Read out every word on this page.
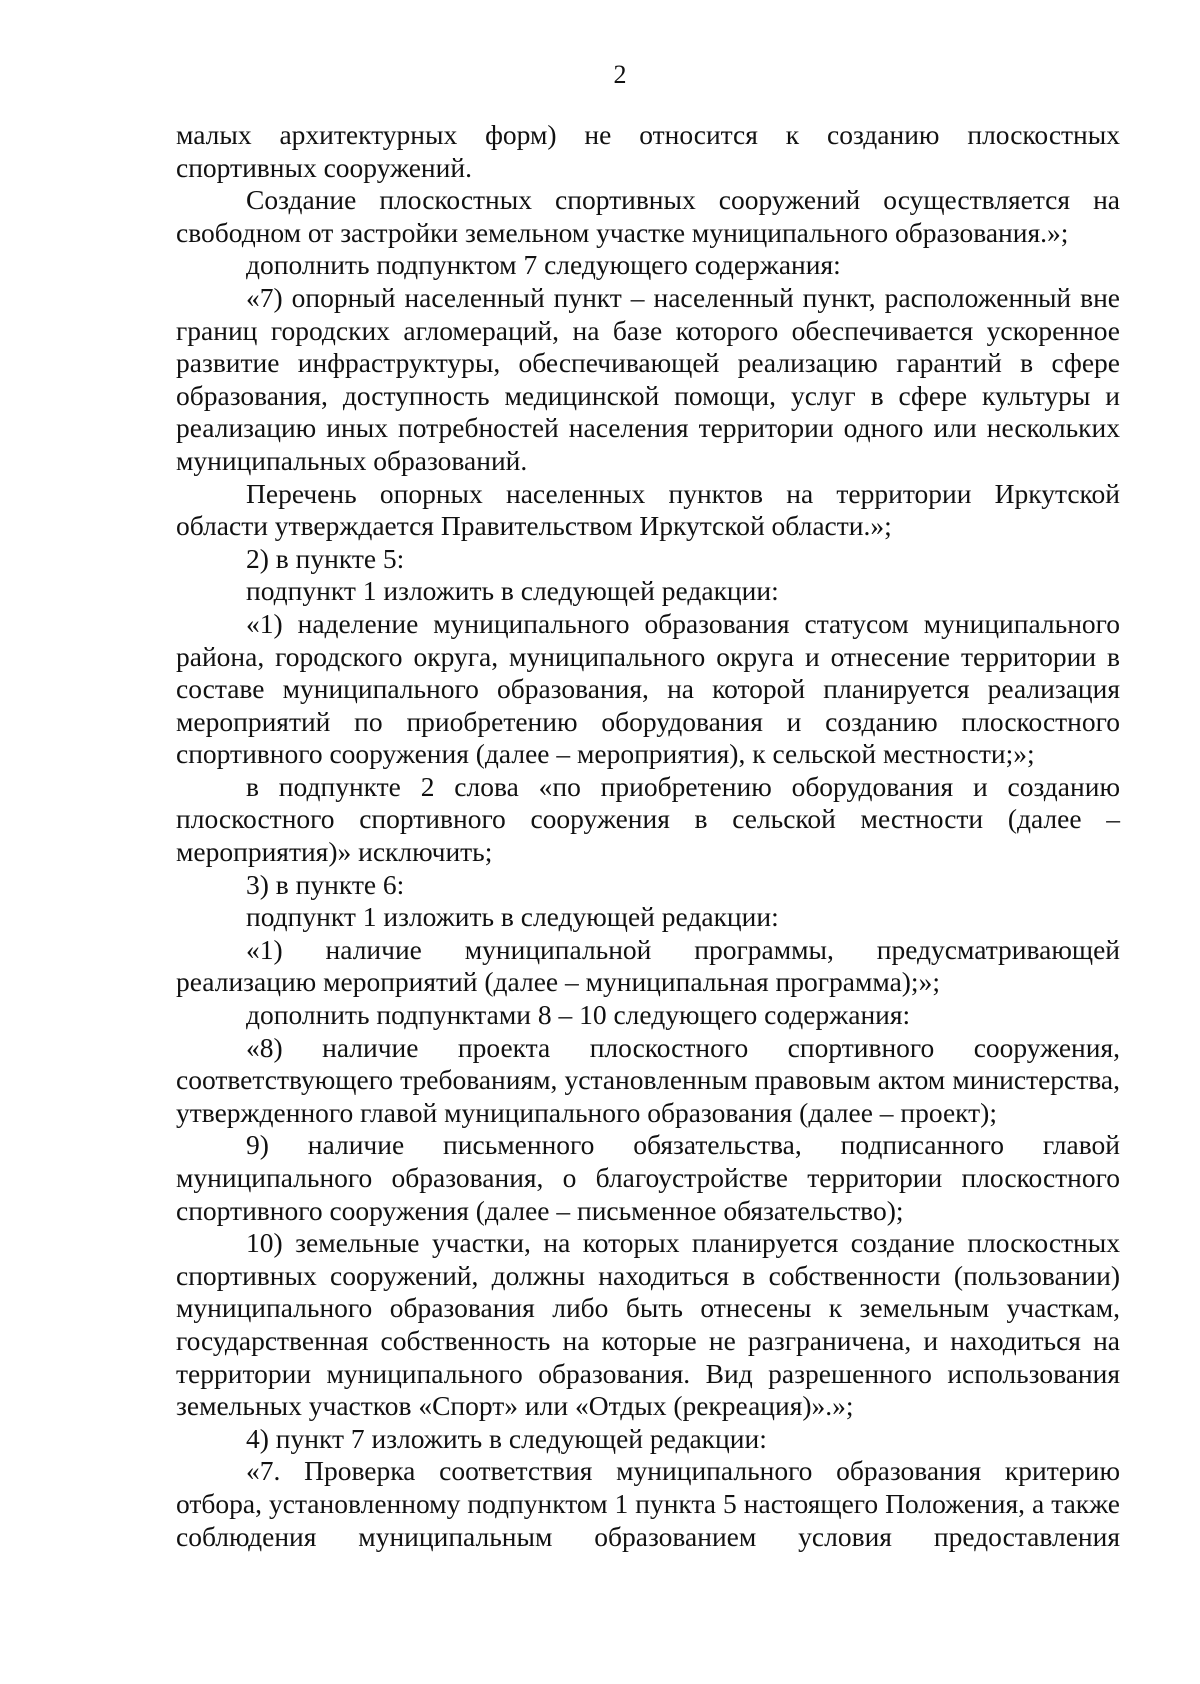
2

малых архитектурных форм) не относится к созданию плоскостных спортивных сооружений.

Создание плоскостных спортивных сооружений осуществляется на свободном от застройки земельном участке муниципального образования.»;

дополнить подпунктом 7 следующего содержания:

«7) опорный населенный пункт – населенный пункт, расположенный вне границ городских агломераций, на базе которого обеспечивается ускоренное развитие инфраструктуры, обеспечивающей реализацию гарантий в сфере образования, доступность медицинской помощи, услуг в сфере культуры и реализацию иных потребностей населения территории одного или нескольких муниципальных образований.

Перечень опорных населенных пунктов на территории Иркутской области утверждается Правительством Иркутской области.»;

2) в пункте 5:

подпункт 1 изложить в следующей редакции:

«1) наделение муниципального образования статусом муниципального района, городского округа, муниципального округа и отнесение территории в составе муниципального образования, на которой планируется реализация мероприятий по приобретению оборудования и созданию плоскостного спортивного сооружения (далее – мероприятия), к сельской местности;»;

в подпункте 2 слова «по приобретению оборудования и созданию плоскостного спортивного сооружения в сельской местности (далее – мероприятия)» исключить;

3) в пункте 6:

подпункт 1 изложить в следующей редакции:

«1) наличие муниципальной программы, предусматривающей реализацию мероприятий (далее – муниципальная программа);»;

дополнить подпунктами 8 – 10 следующего содержания:

«8) наличие проекта плоскостного спортивного сооружения, соответствующего требованиям, установленным правовым актом министерства, утвержденного главой муниципального образования (далее – проект);

9) наличие письменного обязательства, подписанного главой муниципального образования, о благоустройстве территории плоскостного спортивного сооружения (далее – письменное обязательство);

10) земельные участки, на которых планируется создание плоскостных спортивных сооружений, должны находиться в собственности (пользовании) муниципального образования либо быть отнесены к земельным участкам, государственная собственность на которые не разграничена, и находиться на территории муниципального образования. Вид разрешенного использования земельных участков «Спорт» или «Отдых (рекреация)».»;

4) пункт 7 изложить в следующей редакции:

«7. Проверка соответствия муниципального образования критерию отбора, установленному подпунктом 1 пункта 5 настоящего Положения, а также соблюдения муниципальным образованием условия предоставления
